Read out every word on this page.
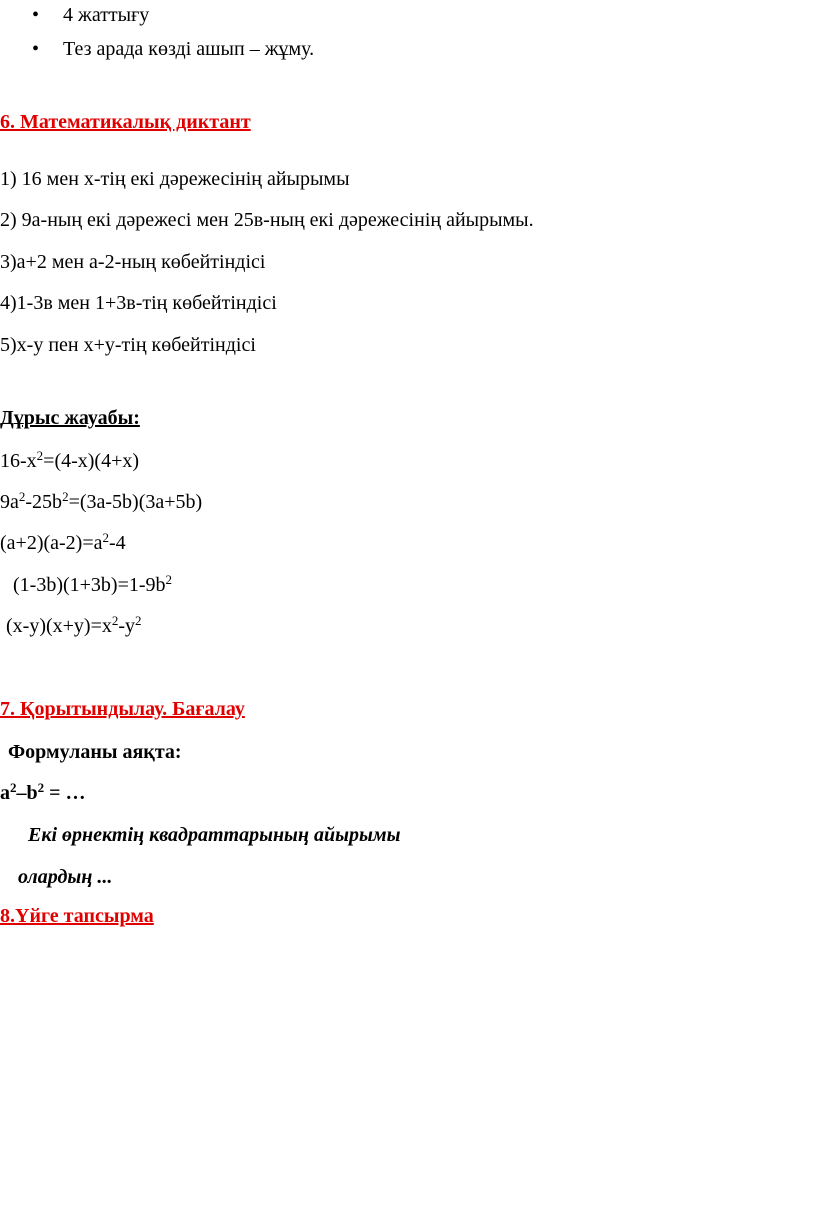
• 4 жаттығу
• Тез арада көзді ашып – жұму.
6. Математикалық диктант
1) 16 мен х-тің екі дәрежесінің айырымы
2) 9а-ның екі дәрежесі мен 25в-ның екі дәрежесінің айырымы.
3)а+2 мен а-2-ның көбейтіндісі
4)1-3в мен 1+3в-тің көбейтіндісі
5)х-у пен х+у-тің көбейтіндісі
Дұрыс жауабы:
$16-x^2=(4-x)(4+x)$
$9a^2-25b^2=(3a-5b)(3a+5b)$
$(a+2)(a-2)=a^2-4$
$(1-3b)(1+3b)=1-9b^2$
$(x-y)(x+y)=x^2-y^2$
7. Қорытындылау. Бағалау
Формуланы аяқта:
$a^2-b^2$ = …
Екі өрнектің квадраттарының айырымы
олардың ...
8.Үйге тапсырма
